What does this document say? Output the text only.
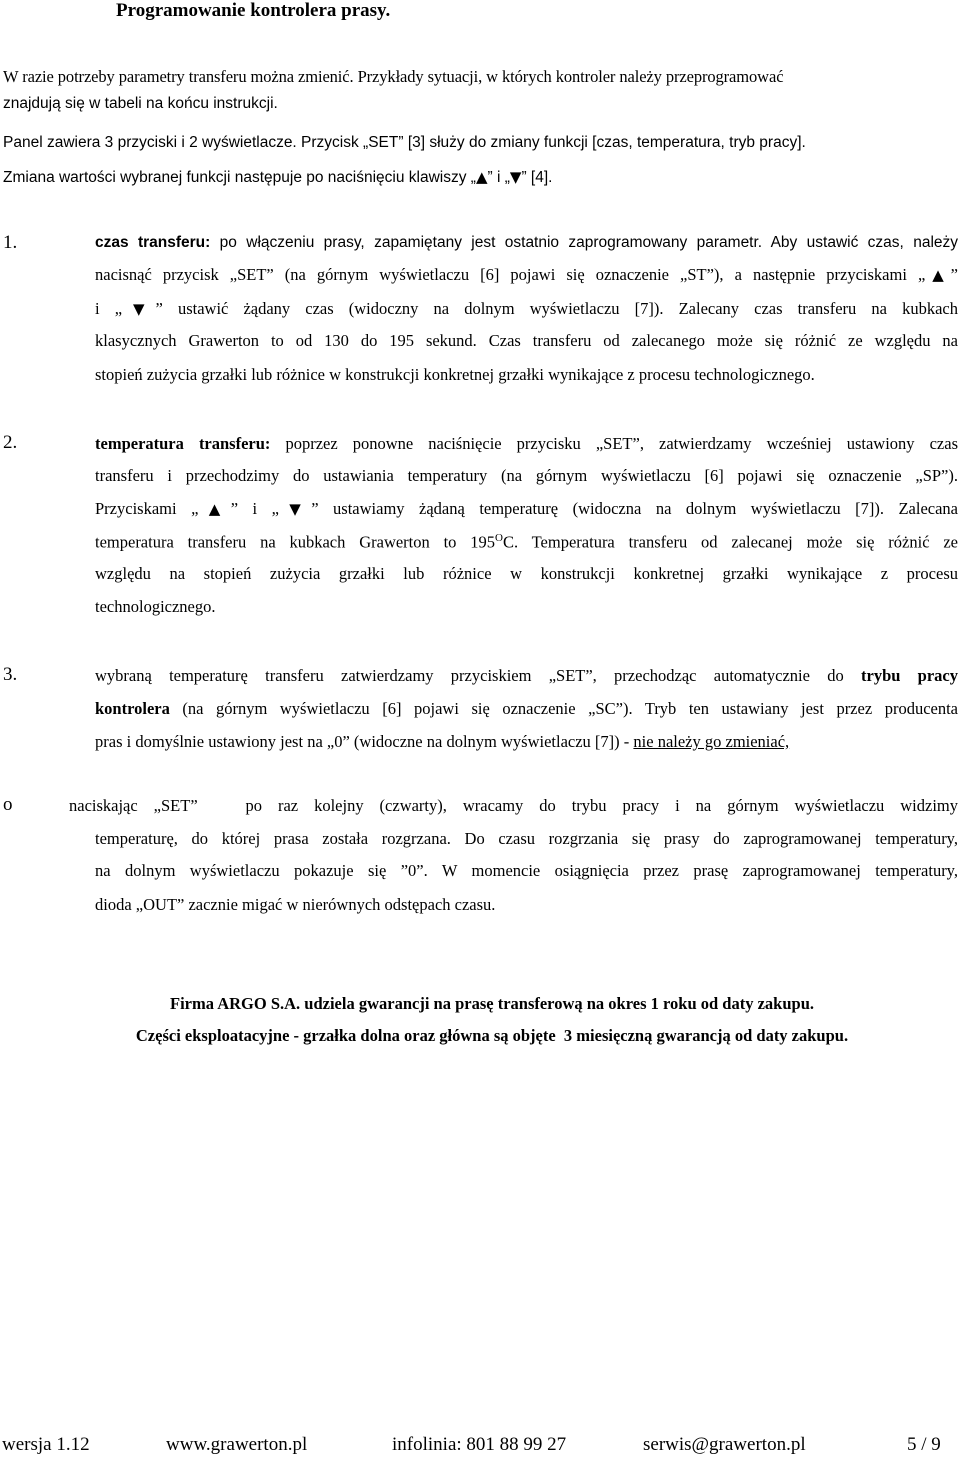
Programowanie kontrolera prasy.
W razie potrzeby parametry transferu można zmienić. Przykłady sytuacji, w których kontroler należy przeprogramować
znajdują się w tabeli na końcu instrukcji.
Panel zawiera 3 przyciski i 2 wyświetlacze. Przycisk „SET” [3] służy do zmiany funkcji [czas, temperatura, tryb pracy].
Zmiana wartości wybranej funkcji następuje po naciśnięciu klawiszy „▲” i „▼” [4].
1.	czas transferu: po włączeniu prasy, zapamiętany jest ostatnio zaprogramowany parametr. Aby ustawić czas, należy
nacisnąć przycisk „SET” (na górnym wyświetlaczu [6] pojawi się oznaczenie „ST”), a następnie przyciskami „▲”
i „▼” ustawić żądany czas (widoczny na dolnym wyświetlaczu [7]). Zalecany czas transferu na kubkach
klasycznych Grawerton to od 130 do 195 sekund. Czas transferu od zalecanego może się różnić ze względu na
stopień zużycia grzałki lub różnice w konstrukcji konkretnej grzałki wynikające z procesu technologicznego.
2.	temperatura transferu: poprzez ponowne naciśnięcie przycisku „SET”, zatwierdzamy wcześniej ustawiony czas
transferu i przechodzimy do ustawiania temperatury (na górnym wyświetlaczu [6] pojawi się oznaczenie „SP”).
Przyciskami „▲” i „▼” ustawiamy żądaną temperaturę (widoczna na dolnym wyświetlaczu [7]). Zalecana
temperatura transferu na kubkach Grawerton to $195^OC$. Temperatura transferu od zalecanej może się różnić ze
względu na stopień zużycia grzałki lub różnice w konstrukcji konkretnej grzałki wynikające z procesu
technologicznego.
3.	wybraną temperaturę transferu zatwierdzamy przyciskiem „SET”, przechodząc automatycznie do trybu pracy
kontrolera (na górnym wyświetlaczu [6] pojawi się oznaczenie „SC”). Tryb ten ustawiany jest przez producenta
pras i domyślnie ustawiony jest na „0” (widoczne na dolnym wyświetlaczu [7]) - nie należy go zmieniać,
o	naciskając „SET”   po raz kolejny (czwarty), wracamy do trybu pracy i na górnym wyświetlaczu widzimy
temperaturę, do której prasa została rozgrzana. Do czasu rozgrzania się prasy do zaprogramowanej temperatury,
na dolnym wyświetlaczu pokazuje się ”0”. W momencie osiągnięcia przez prasę zaprogramowanej temperatury,
dioda „OUT” zacznie migać w nierównych odstępach czasu.
Firma ARGO S.A. udziela gwarancji na prasę transferową na okres 1 roku od daty zakupu.
Części eksploatacyjne - grzałka dolna oraz główna są objęte  3 miesięczną gwarancją od daty zakupu.
wersja 1.12	www.grawerton.pl	infolinia: 801 88 99 27	serwis@grawerton.pl	5 / 9
